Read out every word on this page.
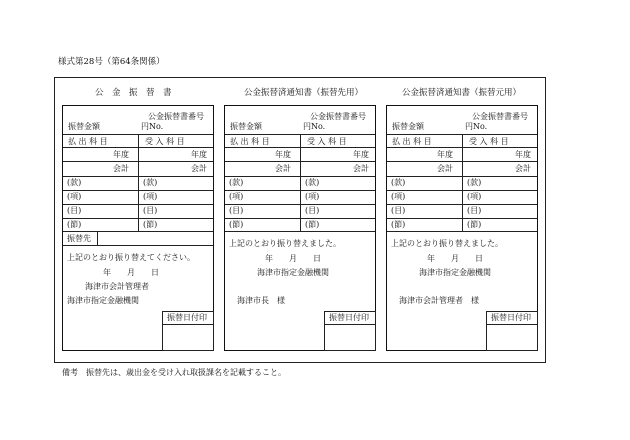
様式第28号（第64条関係）
公　金　振　替　書	公金振替済通知書（振替先用）	公金振替済通知書（振替元用）
公金振替書番号
振替金額	円No.
払 出 科 目	受 入 科 目
年度	年度
会計	会計
(款)	(款)
(項)	(項)
(目)	(目)
(節)	(節)
振替先
上記のとおり振り替えてください。
年　　月　　日
海津市会計管理者
海津市指定金融機関
振替日付印
公金振替書番号
振替金額	円No.
払 出 科 目	受 入 科 目
年度	年度
会計	会計
(款)	(款)
(項)	(項)
(目)	(目)
(節)	(節)
上記のとおり振り替えました。
年　　月　　日
海津市指定金融機関
海津市長　様
振替日付印
公金振替書番号
振替金額	円No.
払 出 科 目	受 入 科 目
年度	年度
会計	会計
(款)	(款)
(項)	(項)
(目)	(目)
(節)	(節)
上記のとおり振り替えました。
年　　月　　日
海津市指定金融機関
海津市会計管理者　様
振替日付印
備考　振替先は、歳出金を受け入れ取扱課名を記載すること。
